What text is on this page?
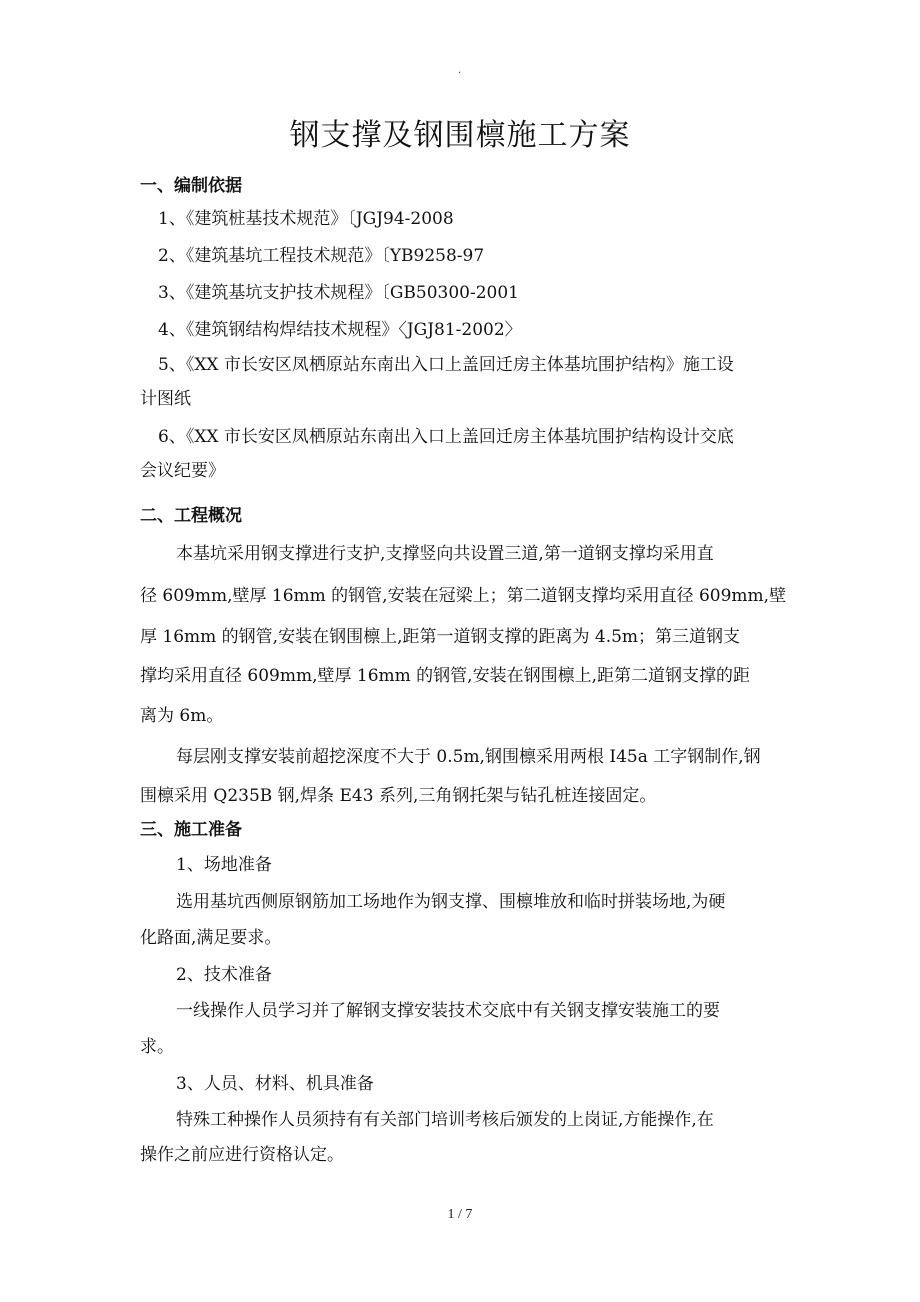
.
钢支撑及钢围檩施工方案
一、编制依据
1、《建筑桩基技术规范》〔JGJ94-2008
2、《建筑基坑工程技术规范》〔YB9258-97
3、《建筑基坑支护技术规程》〔GB50300-2001
4、《建筑钢结构焊结技术规程》〈JGJ81-2002〉
5、《XX 市长安区凤栖原站东南出入口上盖回迁房主体基坑围护结构》施工设
计图纸
6、《XX 市长安区凤栖原站东南出入口上盖回迁房主体基坑围护结构设计交底
会议纪要》
二、工程概况
本基坑采用钢支撑进行支护,支撑竖向共设置三道,第一道钢支撑均采用直
径 609mm,壁厚 16mm 的钢管,安装在冠梁上；第二道钢支撑均采用直径 609mm,壁
厚 16mm 的钢管,安装在钢围檩上,距第一道钢支撑的距离为 4.5m；第三道钢支
撑均采用直径 609mm,壁厚 16mm 的钢管,安装在钢围檩上,距第二道钢支撑的距
离为 6m。
每层刚支撑安装前超挖深度不大于 0.5m,钢围檩采用两根 I45a 工字钢制作,钢
围檩采用 Q235B 钢,焊条 E43 系列,三角钢托架与钻孔桩连接固定。
三、施工准备
1、场地准备
选用基坑西侧原钢筋加工场地作为钢支撑、围檩堆放和临时拼装场地,为硬
化路面,满足要求。
2、技术准备
一线操作人员学习并了解钢支撑安装技术交底中有关钢支撑安装施工的要
求。
3、人员、材料、机具准备
特殊工种操作人员须持有有关部门培训考核后颁发的上岗证,方能操作,在
操作之前应进行资格认定。
1 / 7
